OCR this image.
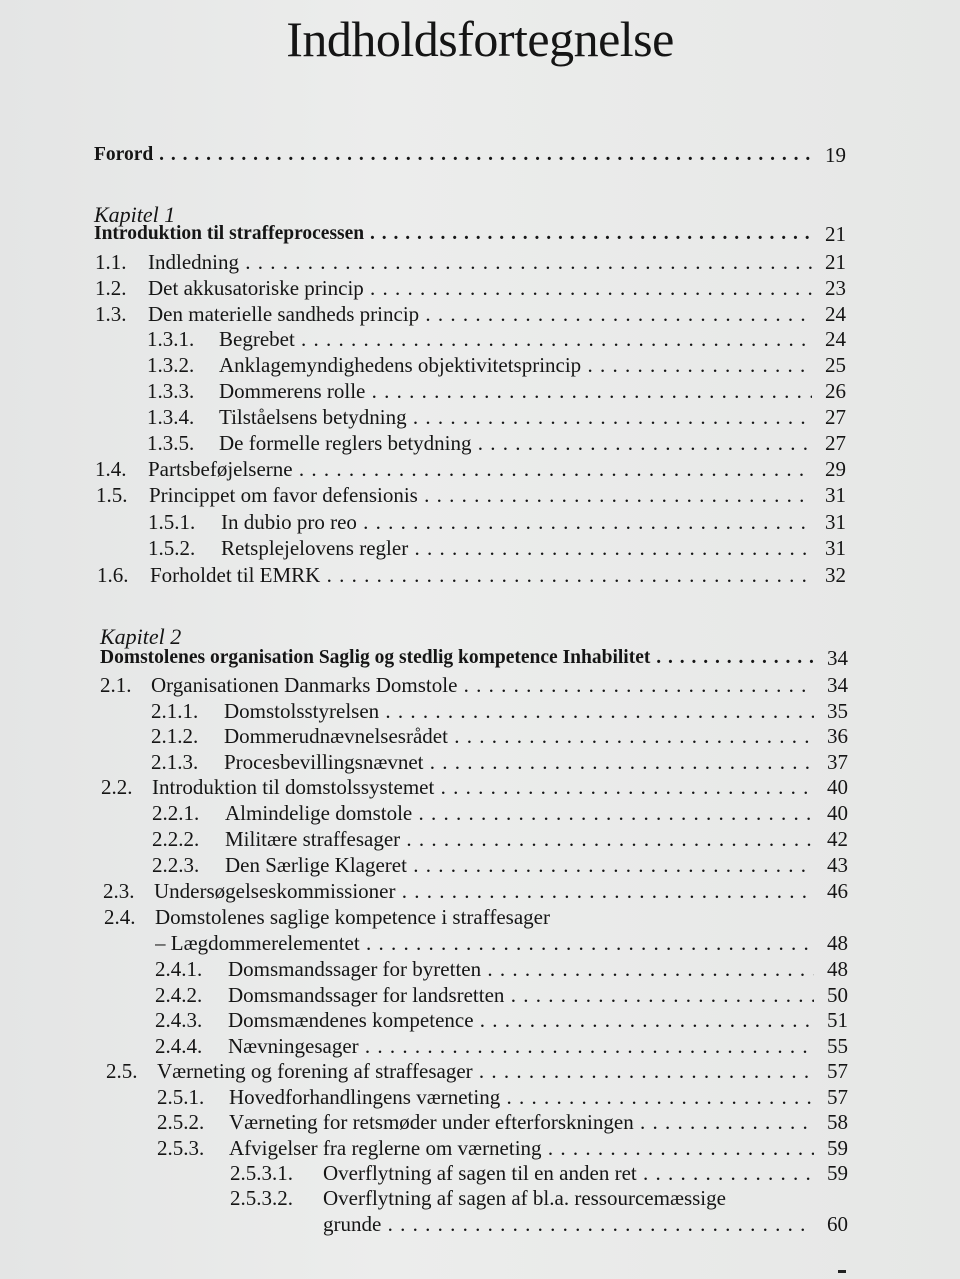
Indholdsfortegnelse
Forord . . .	19
Kapitel 1
Introduktion til straffeprocessen . . .	21
1.1. Indledning . . .	21
1.2. Det akkusatoriske princip . . .	23
1.3. Den materielle sandheds princip . . .	24
1.3.1. Begrebet . . .	24
1.3.2. Anklagemyndighedens objektivitetsprincip . . .	25
1.3.3. Dommerens rolle . . .	26
1.3.4. Tilståelsens betydning . . .	27
1.3.5. De formelle reglers betydning . . .	27
1.4. Partsbeføjelserne . . .	29
1.5. Princippet om favor defensionis . . .	31
1.5.1. In dubio pro reo . . .	31
1.5.2. Retsplejelovens regler . . .	31
1.6. Forholdet til EMRK . . .	32
Kapitel 2
Domstolenes organisation Saglig og stedlig kompetence Inhabilitet . . .	34
2.1. Organisationen Danmarks Domstole . . .	34
2.1.1. Domstolsstyrelsen . . .	35
2.1.2. Dommerudnævnelsesrådet . . .	36
2.1.3. Procesbevillingsnævnet . . .	37
2.2. Introduktion til domstolssystemet . . .	40
2.2.1. Almindelige domstole . . .	40
2.2.2. Militære straffesager . . .	42
2.2.3. Den Særlige Klageret . . .	43
2.3. Undersøgelseskommissioner . . .	46
2.4. Domstolenes saglige kompetence i straffesager
– Lægdommerelementet . . .	48
2.4.1. Domsmandssager for byretten . . .	48
2.4.2. Domsmandssager for landsretten . . .	50
2.4.3. Domsmændenes kompetence . . .	51
2.4.4. Nævningesager . . .	55
2.5. Værneting og forening af straffesager . . .	57
2.5.1. Hovedforhandlingens værneting . . .	57
2.5.2. Værneting for retsmøder under efterforskningen . . .	58
2.5.3. Afvigelser fra reglerne om værneting . . .	59
2.5.3.1. Overflytning af sagen til en anden ret . . .	59
2.5.3.2. Overflytning af sagen af bl.a. ressourcemæssige
grunde . . .	60
